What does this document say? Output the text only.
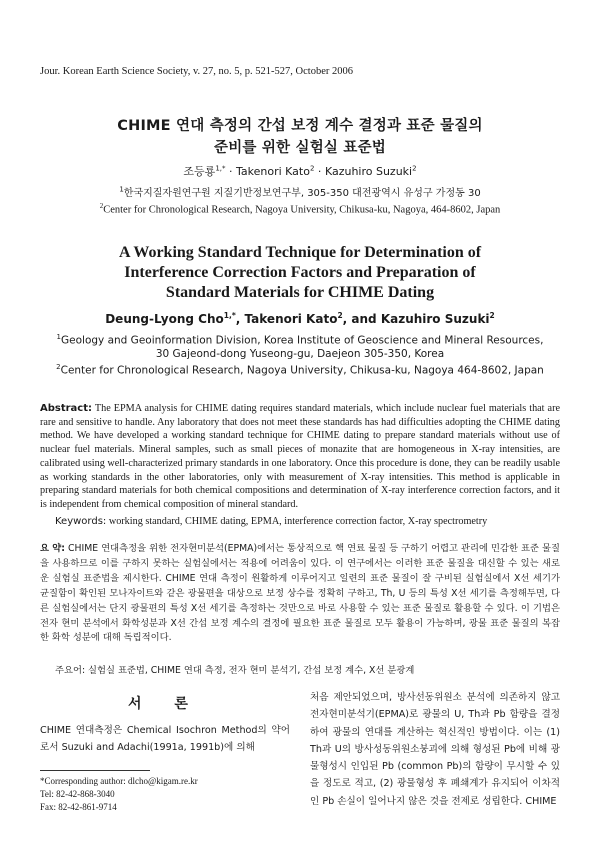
Jour. Korean Earth Science Society, v. 27, no. 5, p. 521-527, October 2006
CHIME 연대 측정의 간섭 보정 계수 결정과 표준 물질의
준비를 위한 실험실 표준법
조등룡$^{1,*}$ · Takenori Kato$^2$ · Kazuhiro Suzuki$^2$
$^1$한국지질자원연구원 지질기반정보연구부, 305-350 대전광역시 유성구 가정동 30
$^2$Center for Chronological Research, Nagoya University, Chikusa-ku, Nagoya, 464-8602, Japan
A Working Standard Technique for Determination of
Interference Correction Factors and Preparation of
Standard Materials for CHIME Dating
Deung-Lyong Cho$^{1,*}$, Takenori Kato$^2$, and Kazuhiro Suzuki$^2$
$^1$Geology and Geoinformation Division, Korea Institute of Geoscience and Mineral Resources,
30 Gajeond-dong Yuseong-gu, Daejeon 305-350, Korea
$^2$Center for Chronological Research, Nagoya University, Chikusa-ku, Nagoya 464-8602, Japan
Abstract: The EPMA analysis for CHIME dating requires standard materials, which include nuclear fuel materials that are rare and sensitive to handle. Any laboratory that does not meet these standards has had difficulties adopting the CHIME dating method. We have developed a working standard technique for CHIME dating to prepare standard materials without use of nuclear fuel materials. Mineral samples, such as small pieces of monazite that are homogeneous in X-ray intensities, are calibrated using well-characterized primary standards in one laboratory. Once this procedure is done, they can be readily usable as working standards in the other laboratories, only with measurement of X-ray intensities. This method is applicable in preparing standard materials for both chemical compositions and determination of X-ray interference correction factors, and it is independent from chemical composition of mineral standard.
Keywords: working standard, CHIME dating, EPMA, interference correction factor, X-ray spectrometry
요 약: CHIME 연대측정을 위한 전자현미분석(EPMA)에서는 통상적으로 핵 연료 물질 등 구하기 어렵고 관리에 민감한 표준 물질을 사용하므로 이를 구하지 못하는 실험실에서는 적용에 어려움이 있다. 이 연구에서는 이러한 표준 물질을 대신할 수 있는 새로운 실험실 표준법을 제시한다. CHIME 연대 측정이 원활하게 이루어지고 일련의 표준 물질이 잘 구비된 실험실에서 X선 세기가 균질함이 확인된 모나자이트와 같은 광물편을 대상으로 보정 상수를 정확히 구하고, Th, U 등의 특성 X선 세기를 측정해두면, 다른 실험실에서는 단지 광물편의 특성 X선 세기를 측정하는 것만으로 바로 사용할 수 있는 표준 물질로 활용할 수 있다. 이 기법은 전자 현미 분석에서 화학성분과 X선 간섭 보정 계수의 결정에 필요한 표준 물질로 모두 활용이 가능하며, 광물 표준 물질의 복잡한 화학 성분에 대해 독립적이다.
주요어: 실험실 표준법, CHIME 연대 측정, 전자 현미 분석기, 간섭 보정 계수, X선 분광계
서 론
CHIME 연대측정은 Chemical Isochron Method의 약어로서 Suzuki and Adachi(1991a, 1991b)에 의해
*Corresponding author: dlcho@kigam.re.kr
Tel: 82-42-868-3040
Fax: 82-42-861-9714
처음 제안되었으며, 방사선동위원소 분석에 의존하지 않고 전자현미분석기(EPMA)로 광물의 U, Th과 Pb 함량을 결정하여 광물의 연대를 계산하는 혁신적인 방법이다. 이는 (1) Th과 U의 방사성동위원소붕괴에 의해 형성된 Pb에 비해 광물형성시 인입된 Pb (common Pb)의 함량이 무시할 수 있을 정도로 적고, (2) 광물형성 후 폐쇄계가 유지되어 이차적인 Pb 손실이 일어나지 않은 것을 전제로 성립한다. CHIME
